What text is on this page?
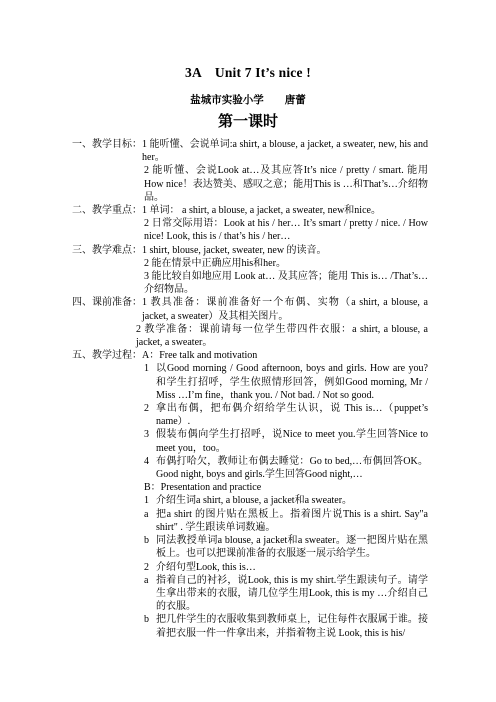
3A　Unit 7 It’s nice !
盐城市实验小学　　唐蕾
第一课时
一、教学目标： 1 能听懂、会说单词:a shirt, a blouse, a jacket, a sweater, new, his and her。
2 能听懂、会说Look at…及其应答It’s nice / pretty / smart. 能用How nice！表达赞美、感叹之意；能用This is …和That’s…介绍物品。
二、教学重点： 1 单词： a shirt, a blouse, a jacket, a sweater, new和nice。
2 日常交际用语：Look at his / her… It’s smart / pretty / nice. / How nice! Look, this is / that’s his / her…
三、教学难点： 1 shirt, blouse, jacket, sweater, new 的读音。
2 能在情景中正确应用his和her。
3 能比较自如地应用 Look at… 及其应答；能用 This is… /That’s…介绍物品。
四、课前准备： 1 教具准备：课前准备好一个布偶、实物（a shirt, a blouse, a jacket, a sweater）及其相关图片。
2 教学准备：课前请每一位学生带四件衣服：a shirt, a blouse, a jacket, a sweater。
五、教学过程： A：Free talk and motivation
1 以Good morning / Good afternoon, boys and girls. How are you? 和学生打招呼，学生依照情形回答，例如Good morning, Mr / Miss …I’m fine，thank you. / Not bad. / Not so good.
2 拿出布偶，把布偶介绍给学生认识，说 This is…（puppet’s name）.
3 假装布偶向学生打招呼，说Nice to meet you.学生回答Nice to meet you，too。
4 布偶打哈欠，教师让布偶去睡觉：Go to bed,…布偶回答OK。Good night, boys and girls.学生回答Good night,…
B：Presentation and practice
1 介绍生词a shirt, a blouse, a jacket和a sweater。
a 把a shirt 的图片贴在黑板上。指着图片说This is a shirt. Say"a shirt" . 学生跟读单词数遍。
b 同法教授单词a blouse, a jacket和a sweater。逐一把图片贴在黑板上。也可以把课前准备的衣服逐一展示给学生。
2 介绍句型Look, this is…
a 指着自己的衬衫，说Look, this is my shirt.学生跟读句子。请学生拿出带来的衣服，请几位学生用Look, this is my …介绍自己的衣服。
b 把几件学生的衣服收集到教师桌上，记住每件衣服属于谁。接着把衣服一件一件拿出来，并指着物主说 Look, this is his/
